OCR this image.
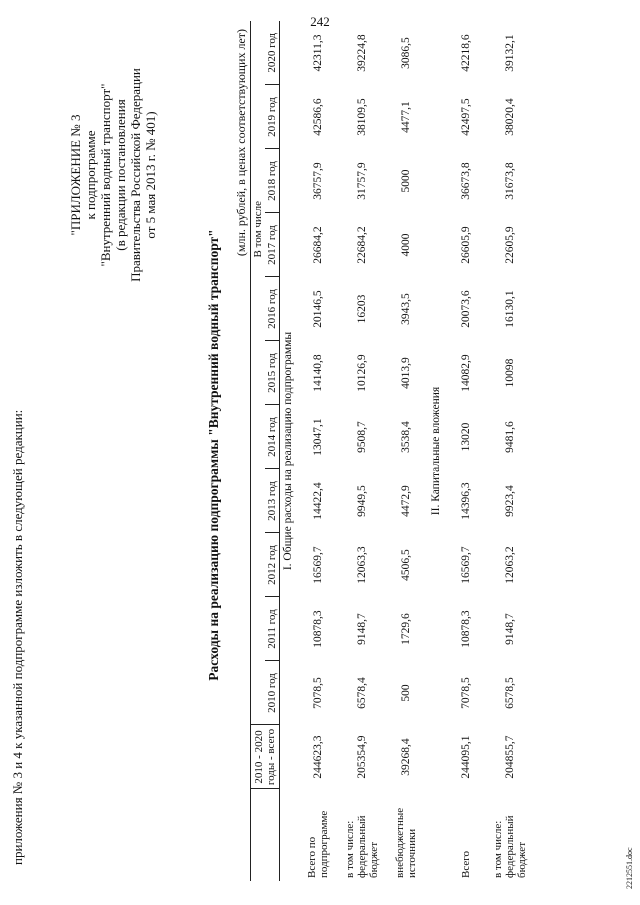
242
приложения № 3 и 4 к указанной подпрограмме изложить в следующей редакции:
"ПРИЛОЖЕНИЕ № 3 к подпрограмме "Внутренний водный транспорт" (в редакции постановления Правительства Российской Федерации от 5 мая 2013 г. № 401)
Расходы на реализацию подпрограммы "Внутренний водный транспорт"
(млн. рублей, в ценах соответствующих лет)
	2010 - 2020 годы - всего	В том числе										
		2010 год	2011 год	2012 год	2013 год	2014 год	2015 год	2016 год	2017 год	2018 год	2019 год	2020 год
I. Общие расходы на реализацию подпрограммы												
Всего по подпрограмме	244623,3	7078,5	10878,3	16569,7	14422,4	13047,1	14140,8	20146,5	26684,2	36757,9	42586,6	42311,3
в том числе: федеральный бюджет	205354,9	6578,4	9148,7	12063,3	9949,5	9508,7	10126,9	16203	22684,2	31757,9	38109,5	39224,8
внебюджетные источники	39268,4	500	1729,6	4506,5	4472,9	3538,4	4013,9	3943,5	4000	5000	4477,1	3086,5
II. Капитальные вложения												
Всего	244095,1	7078,5	10878,3	16569,7	14396,3	13020	14082,9	20073,6	26605,9	36673,8	42497,5	42218,6
в том числе: федеральный бюджет	204855,7	6578,5	9148,7	12063,2	9923,4	9481,6	10098	16130,1	22605,9	31673,8	38020,4	39132,1
2212551.doc
